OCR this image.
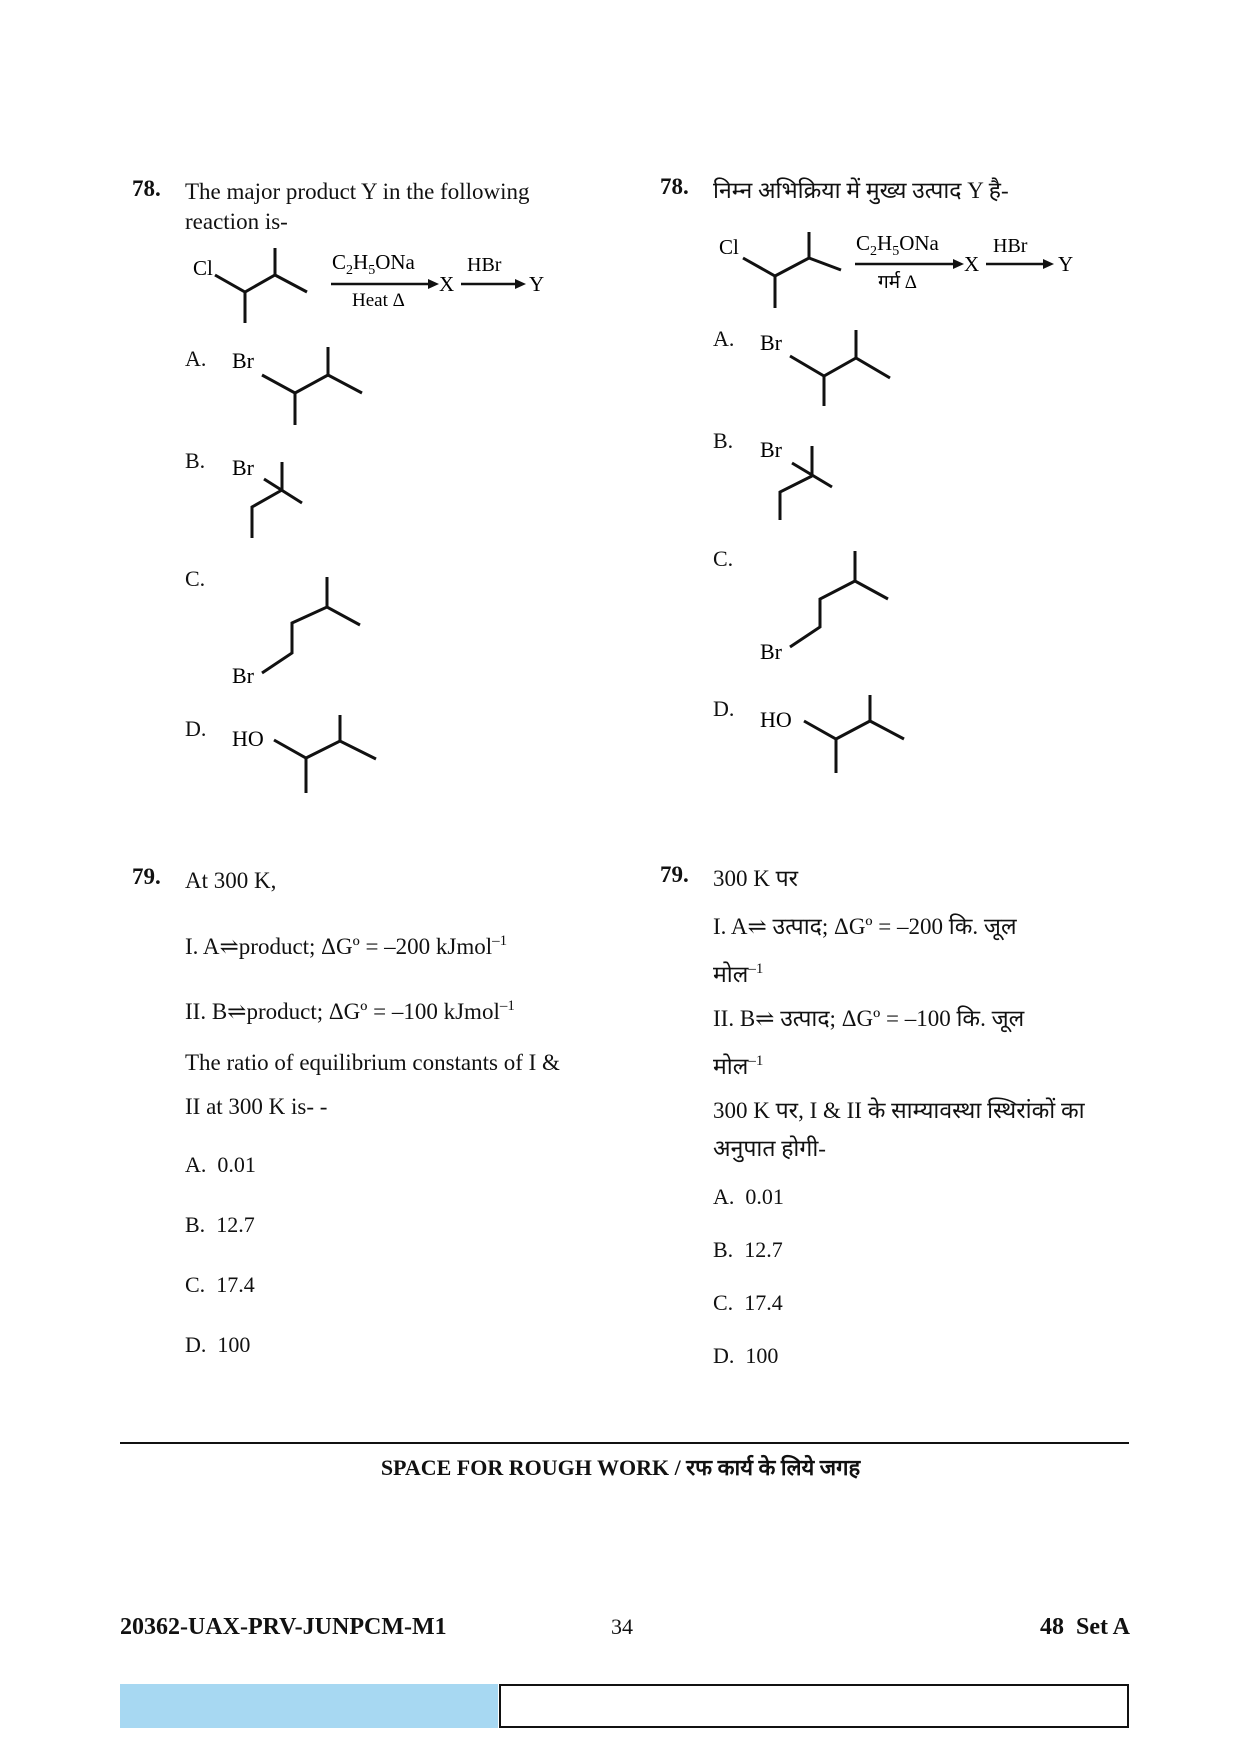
78. The major product Y in the following reaction is-
Cl	$C_2H_5ONa$
Heat Δ
X
HBr
Y
A. Br
B. Br
C.
Br
D. HO
79. At 300 K,
I. A⇌product; ΔGº = –200 kJmol$^{-1}$
II. B⇌product; ΔGº = –100 kJmol$^{-1}$
The ratio of equilibrium constants of I &
II at 300 K is- -
A. 0.01
B. 12.7
C. 17.4
D. 100
78. निम्न अभिक्रिया में मुख्य उत्पाद Y है-
Cl	$C_2H_5ONa$
गर्म Δ
X
HBr
Y
A. Br
B. Br
C.
Br
D. HO
79. 300 K पर
I. A⇌ उत्पाद; ΔGº = –200 कि. जूल
मोल$^{-1}$
II. B⇌ उत्पाद; ΔGº = –100 कि. जूल
मोल$^{-1}$
300 K पर, I & II के साम्यावस्था स्थिरांकों का
अनुपात होगी-
A. 0.01
B. 12.7
C. 17.4
D. 100
SPACE FOR ROUGH WORK / रफ कार्य के लिये जगह
20362-UAX-PRV-JUNPCM-M1	34	48  Set A
